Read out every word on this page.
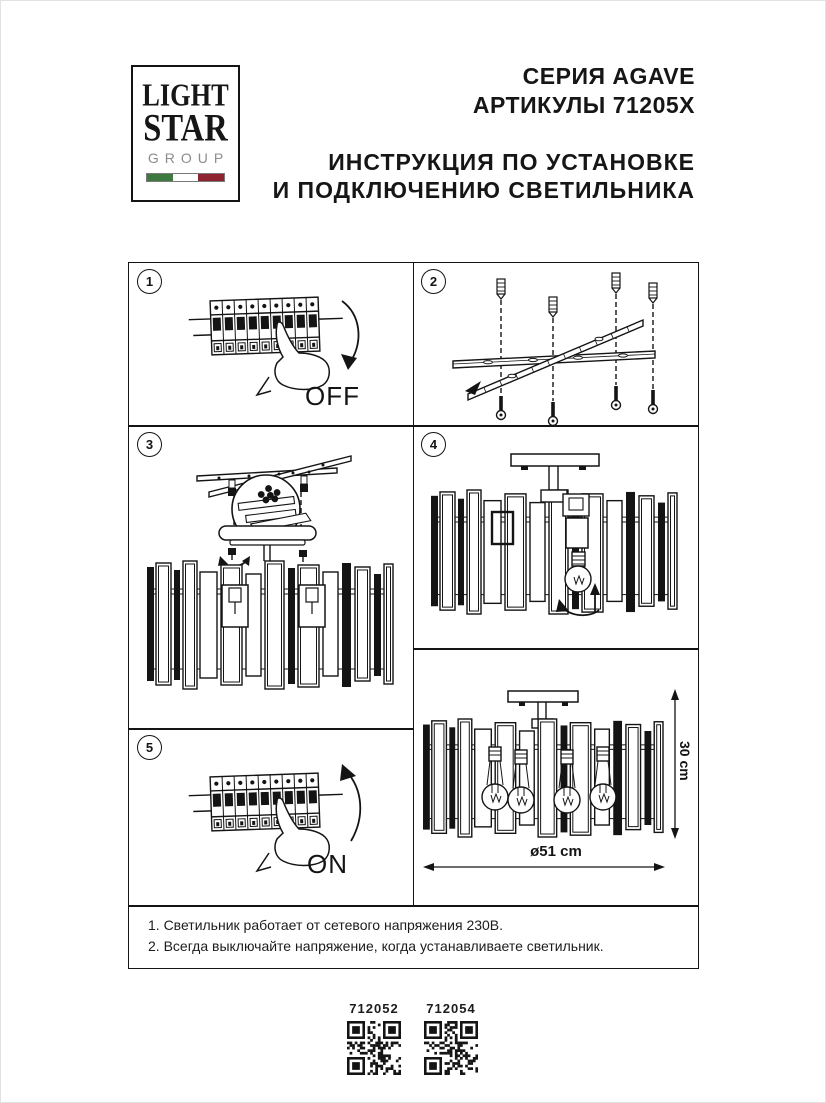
LIGHT
STAR
GROUP
СЕРИЯ AGAVE
АРТИКУЛЫ 71205X
ИНСТРУКЦИЯ ПО УСТАНОВКЕ
И ПОДКЛЮЧЕНИЮ СВЕТИЛЬНИКА
1	2
3	4
5
OFF
ON
30 cm
ø51 cm

1. Светильник работает от сетевого напряжения 230В.

2. Всегда выключайте напряжение, когда устанавливаете светильник.

712052 712054
